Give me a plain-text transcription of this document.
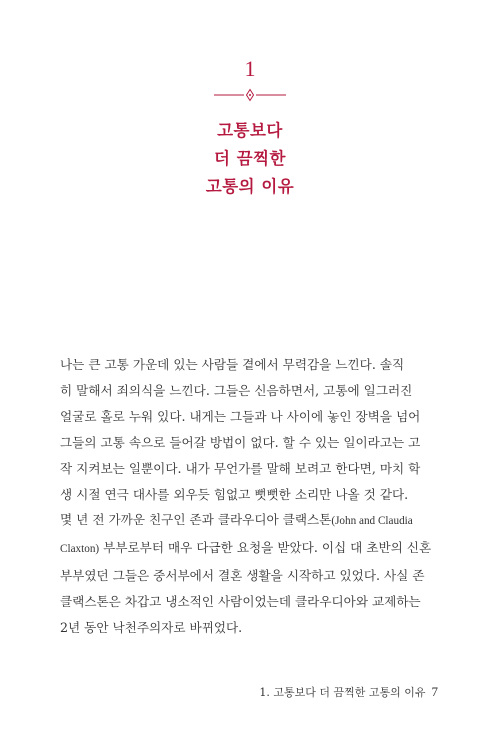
1
고통보다
더 끔찍한
고통의 이유

나는 큰 고통 가운데 있는 사람들 곁에서 무력감을 느낀다. 솔직
히 말해서 죄의식을 느낀다. 그들은 신음하면서, 고통에 일그러진
얼굴로 홀로 누워 있다. 내게는 그들과 나 사이에 놓인 장벽을 넘어
그들의 고통 속으로 들어갈 방법이 없다. 할 수 있는 일이라고는 고
작 지켜보는 일뿐이다. 내가 무언가를 말해 보려고 한다면, 마치 학
생 시절 연극 대사를 외우듯 힘없고 뻣뻣한 소리만 나올 것 같다.

몇 년 전 가까운 친구인 존과 클라우디아 클랙스톤(John and Claudia
Claxton) 부부로부터 매우 다급한 요청을 받았다. 이십 대 초반의 신혼
부부였던 그들은 중서부에서 결혼 생활을 시작하고 있었다. 사실 존
클랙스톤은 차갑고 냉소적인 사람이었는데 클라우디아와 교제하는
2년 동안 낙천주의자로 바뀌었다.

1. 고통보다 더 끔찍한 고통의 이유 7
